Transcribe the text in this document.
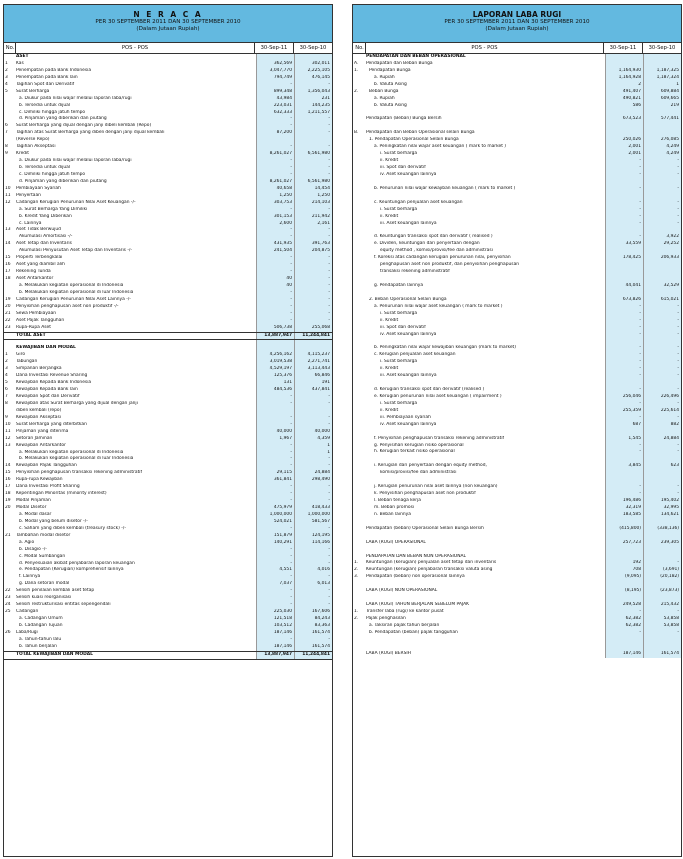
N E R A C A
PER 30 SEPTEMBER 2011 DAN 30 SEPTEMBER 2010
(Dalam Jutaan Rupiah)
No.	POS - POS	30-Sep-11	30-Sep-10
ASET
1	Kas	362,569	302,011
2	Penempatan pada Bank Indonesia	3,047,770	2,225,105
3	Penempatan pada Bank lain	794,749	476,145
4	Tagihan Spot dan Derivatif	-	-
5	Surat Berharga	899,348	1,356,043
a. Diukur pada nilai wajar melalui laporan laba/rugi	43,984	231
b. Tersedia untuk dijual	223,031	144,235
c. Dimiliki hingga jatuh tempo	632,333	1,211,557
d. Pinjaman yang diberikan dan piutang	-	-
6	Surat Berharga yang dijual dengan janji dibeli kembali (Repo)	-	-
7	Tagihan atas Surat Berharga yang dibeli dengan janji dijual kembali	87,200	-
(Reverse Repo)
8	Tagihan Akseptasi	-	-
9	Kredit	8,261,027	6,561,980
a. Diukur pada nilai wajar melalui laporan laba/rugi	-	-
b. Tersedia untuk dijual	-	-
c. Dimiliki hingga jatuh tempo	-	-
d. Pinjaman yang diberikan dan piutang	8,261,027	6,561,980
10	Pembiayaan Syariah	40,658	14,454
11	Penyertaan	1,250	1,250
12	Cadangan Kerugian Penurunan Nilai Aset Keuangan -/-	303,753	214,103
a. Surat Berharga Yang Dimiliki	-	-
b. Kredit Yang Diberikan	301,153	211,942
c. Lainnya	2,600	2,161
13	Aset Tidak Berwujud	-	-
Akumulasi Amortisasi -/-	-	-
14	Aset Tetap dan Inventaris	431,935	391,763
Akumulasi Penyusutan Aset Tetap dan Inventaris -/-	241,504	204,875
15	Properti Terbengkalai	-	-
16	Aset yang diambil alih	-	-
17	Rekening Tunda	-	-
18	Aset Antarkantor	40	-
a. Melakukan kegiatan operasional di Indonesia	40	-
b. Melakukan kegiatan operasional di luar Indonesia	-	-
19	Cadangan Kerugian Penurunan Nilai Aset Lainnya -/-	-	-
20	Penyisihan penghapusan aset non produktif -/-	-	-
21	Sewa Pembiayaan	-	-
22	Aset Pajak Tangguhan	-	-
23	Rupa-Rupa Aset	506,738	255,068
TOTAL ASET	13,887,947	11,244,841
KEWAJIBAN DAN MODAL
1	Giro	4,256,162	4,115,237
2	Tabungan	3,019,538	2,271,741
3	Simpanan Berjangka	4,529,197	3,113,443
4	Dana Investasi Revenue Sharing	125,376	66,846
5	Kewajiban Kepada Bank Indonesia	131	191
6	Kewajiban Kepada Bank lain	484,536	437,841
7	Kewajiban Spot dan Derivatif	-	-
8	Kewajiban atas Surat Berharga yang dijual dengan janji	-	-
dibeli kembali (repo)
9	Kewajiban Akseptasi	-	-
10	Surat Berharga yang diterbitkan	-	-
11	Pinjaman yang diterima	40,000	40,000
12	Setoran Jaminan	1,967	4,359
13	Kewajiban Antarkantor	-	1
a. Melakukan kegiatan operasional di Indonesia	-	1
b. Melakukan kegiatan operasional di luar Indonesia	-	-
14	Kewajiban Pajak Tangguhan	-	-
15	Penyisihan penghapusan transaksi rekening administratif	29,115	24,884
16	Rupa-rupa Kewajiban	361,841	298,490
17	Dana Investasi Profit Sharing	-	-
18	Kepentingan Minoritas (minority interest)	-	-
19	Modal Pinjaman	-	-
20	Modal Disetor	475,979	418,433
a. Modal dasar	1,000,000	1,000,000
b. Modal yang belum disetor -/-	524,021	581,567
c. Saham yang dibeli kembali (treasury stock) -/-	-	-
21	Tambahan modal disetor	151,879	124,195
a. Agio	140,291	114,166
b. Disagio -/-	-	-
c. Modal Sumbangan	-	-
d. Penyesuaian akibat penjabaran laporan keuangan	-	-
e. Pendapatan (Kerugian) komprehensif lainnya	4,551	4,016
f. Lainnya	-	-
g. Dana setoran modal	7,037	6,013
22	Selisih penilaian kembali aset tetap	-	-
23	Selisih kuasi reorganisasi	-	-
24	Selisih restrukturisasi entitas sepengendali	-	-
25	Cadangan	225,030	167,606
a. Cadangan Umum	121,518	84,243
b. Cadangan Tujuan	103,512	83,363
26	Laba/Rugi	187,146	161,574
a. Tahun-tahun lalu	-	-
b. Tahun berjalan	187,146	161,574
TOTAL KEWAJIBAN DAN MODAL	13,887,947	11,244,841
LAPORAN LABA RUGI
PER 30 SEPTEMBER 2011 DAN 30 SEPTEMBER 2010
(Dalam Jutaan Rupiah)
No.	POS - POS	30-Sep-11	30-Sep-10
PENDAPATAN DAN BEBAN OPERASIONAL
A.	Pendapatan dan Beban Bunga
1.	Pendapatan Bunga	1,164,930	1,187,325
a. Rupiah	1,164,928	1,187,324
b. Valuta Asing	2	1
2.	Beban Bunga	491,407	609,884
a. Rupiah	490,821	609,665
b. Valuta Asing	586	219
Pendapatan (Beban) Bunga Bersih	673,523	577,441
B.	Pendapatan dan Beban Operasional selain Bunga
1. Pendapatan Operasional Selain Bunga	250,026	276,085
a. Peningkatan nilai wajar aset keuangan ( mark to market )	2,001	4,249
i. Surat berharga	2,001	4,249
ii. Kredit	-	-
iii. Spot dan derivatif	-	-
iv. Aset keuangan lainnya	-	-
b. Penurunan nilai wajar kewajiban keuangan ( mark to market )	-	-
c. Keuntungan penjualan aset keuangan	-	-
i. Surat berharga	-	-
ii. Kredit	-	-
iii. Aset keuangan lainnya	-	-
d. Keuntungan transaksi spot dan derivatif ( realised )	-	3,922
e. Dividen, keuntungan dari penyertaan dengan	33,559	29,252
equity method , komisi/provisi/fee dan administrasi
f. Koreksi atas cadangan kerugian penurunan nilai, penyisihan	178,425	206,933
penghapusan aset non produktif, dan penyisihan penghapusan
transaksi rekening administratif
g. Pendapatan lainnya	44,041	32,529
2. Beban Operasional Selain Bunga	673,826	615,021
a. Penurunan nilai wajar aset keuangan ( mark to market )	-	-
i. Surat berharga	-	-
ii. Kredit	-	-
iii. Spot dan derivatif	-	-
iv. Aset keuangan lainnya	-	-
b. Peningkatan nilai wajar kewajiban keuangan (mark to market)	-	-
c. Kerugian penjualan aset keuangan	-	-
i. Surat berharga	-	-
ii. Kredit	-	-
iii. Aset keuangan lainnya	-	-
d. Kerugian transaksi spot dan derivatif (realised )	-	-
e. Kerugian penurunan nilai aset keuangan ( impairment )	256,046	226,496
i. Surat berharga	-	-
ii. Kredit	255,359	225,614
iii. Pembiayaan syariah	-	-
iv. Aset keuangan lainnya	687	882
f. Penyisihan penghapusan transaksi rekening administratif	1,545	24,884
g. Penyisihan kerugian risiko operasional	-	-
h. Kerugian terkait risiko operasional	-	-
i. Kerugian dari penyertaan dengan equity method,	3,845	623
komisi/provisi/fee dan administrasi
j. Kerugian penurunan nilai aset lainnya (non keuangan)	-	-
k. Penyisihan penghapusan aset non produktif	-	-
l. Beban tenaga kerja	196,486	195,402
m. Beban promosi	32,319	32,995
n. Beban lainnya	183,585	134,621
Pendapatan (beban) Operasional Selain Bunga Bersih	(415,800)	(338,136)
LABA (RUGI) OPERASIONAL	257,723	239,305
PENDAPATAN DAN BEBAN NON OPERASIONAL
1.	Keuntungan (kerugian) penjualan aset tetap dan inventaris	192	-
2.	Keuntungan (kerugian) penjabaran transaksi valuta asing	708	(3,691)
3.	Pendapatan (beban) non operasional lainnya	(9,095)	(20,182)
LABA (RUGI) NON OPERASIONAL	(8,195)	(23,873)
LABA (RUGI) TAHUN BERJALAN SEBELUM PAJAK	249,528	215,432
1.	Transfer laba (rugi) ke kantor pusat	-	-
2.	Pajak penghasilan	62,382	53,858
a. Taksiran pajak tahun berjalan	62,382	53,858
b. Pendapatan (beban) pajak tangguhan	-	-
LABA (RUGI) BERSIH	187,146	161,574
